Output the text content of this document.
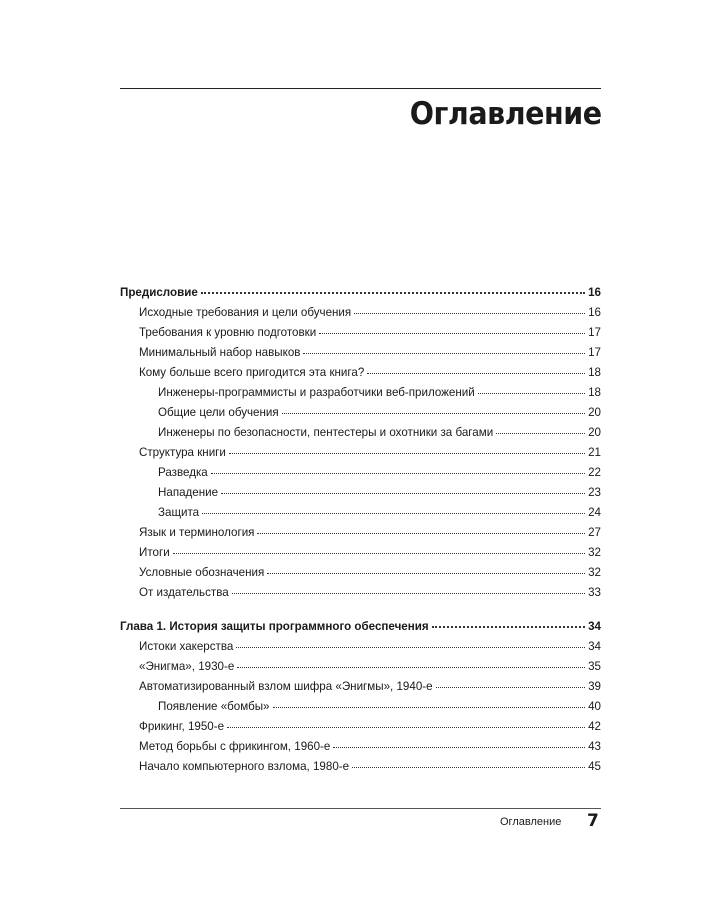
Оглавление
Предисловие	16
Исходные требования и цели обучения	16
Требования к уровню подготовки	17
Минимальный набор навыков	17
Кому больше всего пригодится эта книга?	18
Инженеры-программисты и разработчики веб-приложений	18
Общие цели обучения	20
Инженеры по безопасности, пентестеры и охотники за багами	20
Структура книги	21
Разведка	22
Нападение	23
Защита	24
Язык и терминология	27
Итоги	32
Условные обозначения	32
От издательства	33
Глава 1. История защиты программного обеспечения	34
Истоки хакерства	34
«Энигма», 1930-е	35
Автоматизированный взлом шифра «Энигмы», 1940-е	39
Появление «бомбы»	40
Фрикинг, 1950-е	42
Метод борьбы с фрикингом, 1960-е	43
Начало компьютерного взлома, 1980-е	45
Оглавление 7
